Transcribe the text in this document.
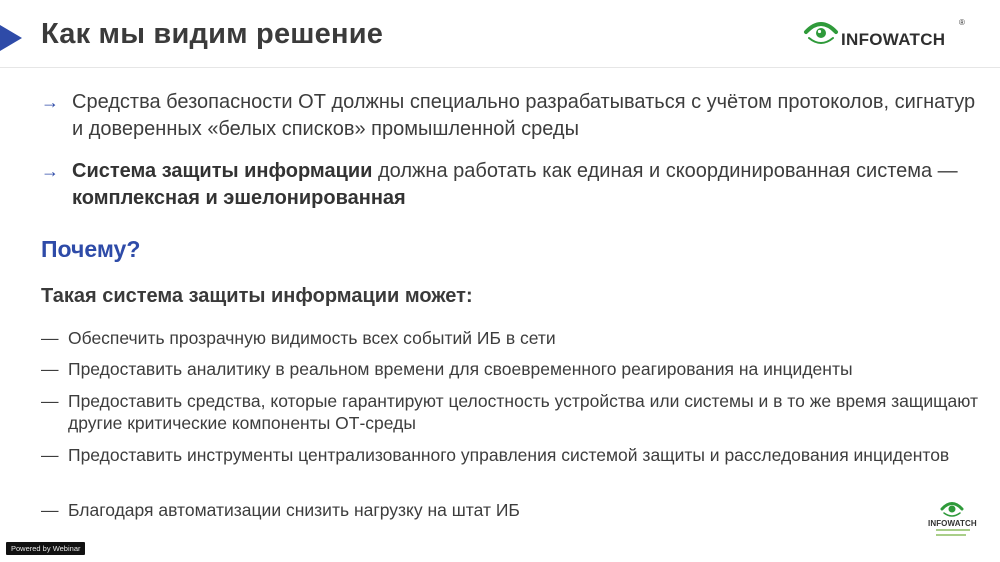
Как мы видим решение	INFOWATCH
®
→ Средства безопасности ОТ должны специально разрабатываться с учётом протоколов, сигнатур и доверенных «белых списков» промышленной среды
→ Система защиты информации должна работать как единая и скоординированная система — комплексная и эшелонированная
Почему?
Такая система защиты информации может:
— Обеспечить прозрачную видимость всех событий ИБ в сети
— Предоставить аналитику в реальном времени для своевременного реагирования на инциденты
— Предоставить средства, которые гарантируют целостность устройства или системы и в то же время защищают другие критические компоненты ОТ-среды
— Предоставить инструменты централизованного управления системой защиты и расследования инцидентов
— Благодаря автоматизации снизить нагрузку на штат ИБ
INFOWATCH
Powered by Webinar
